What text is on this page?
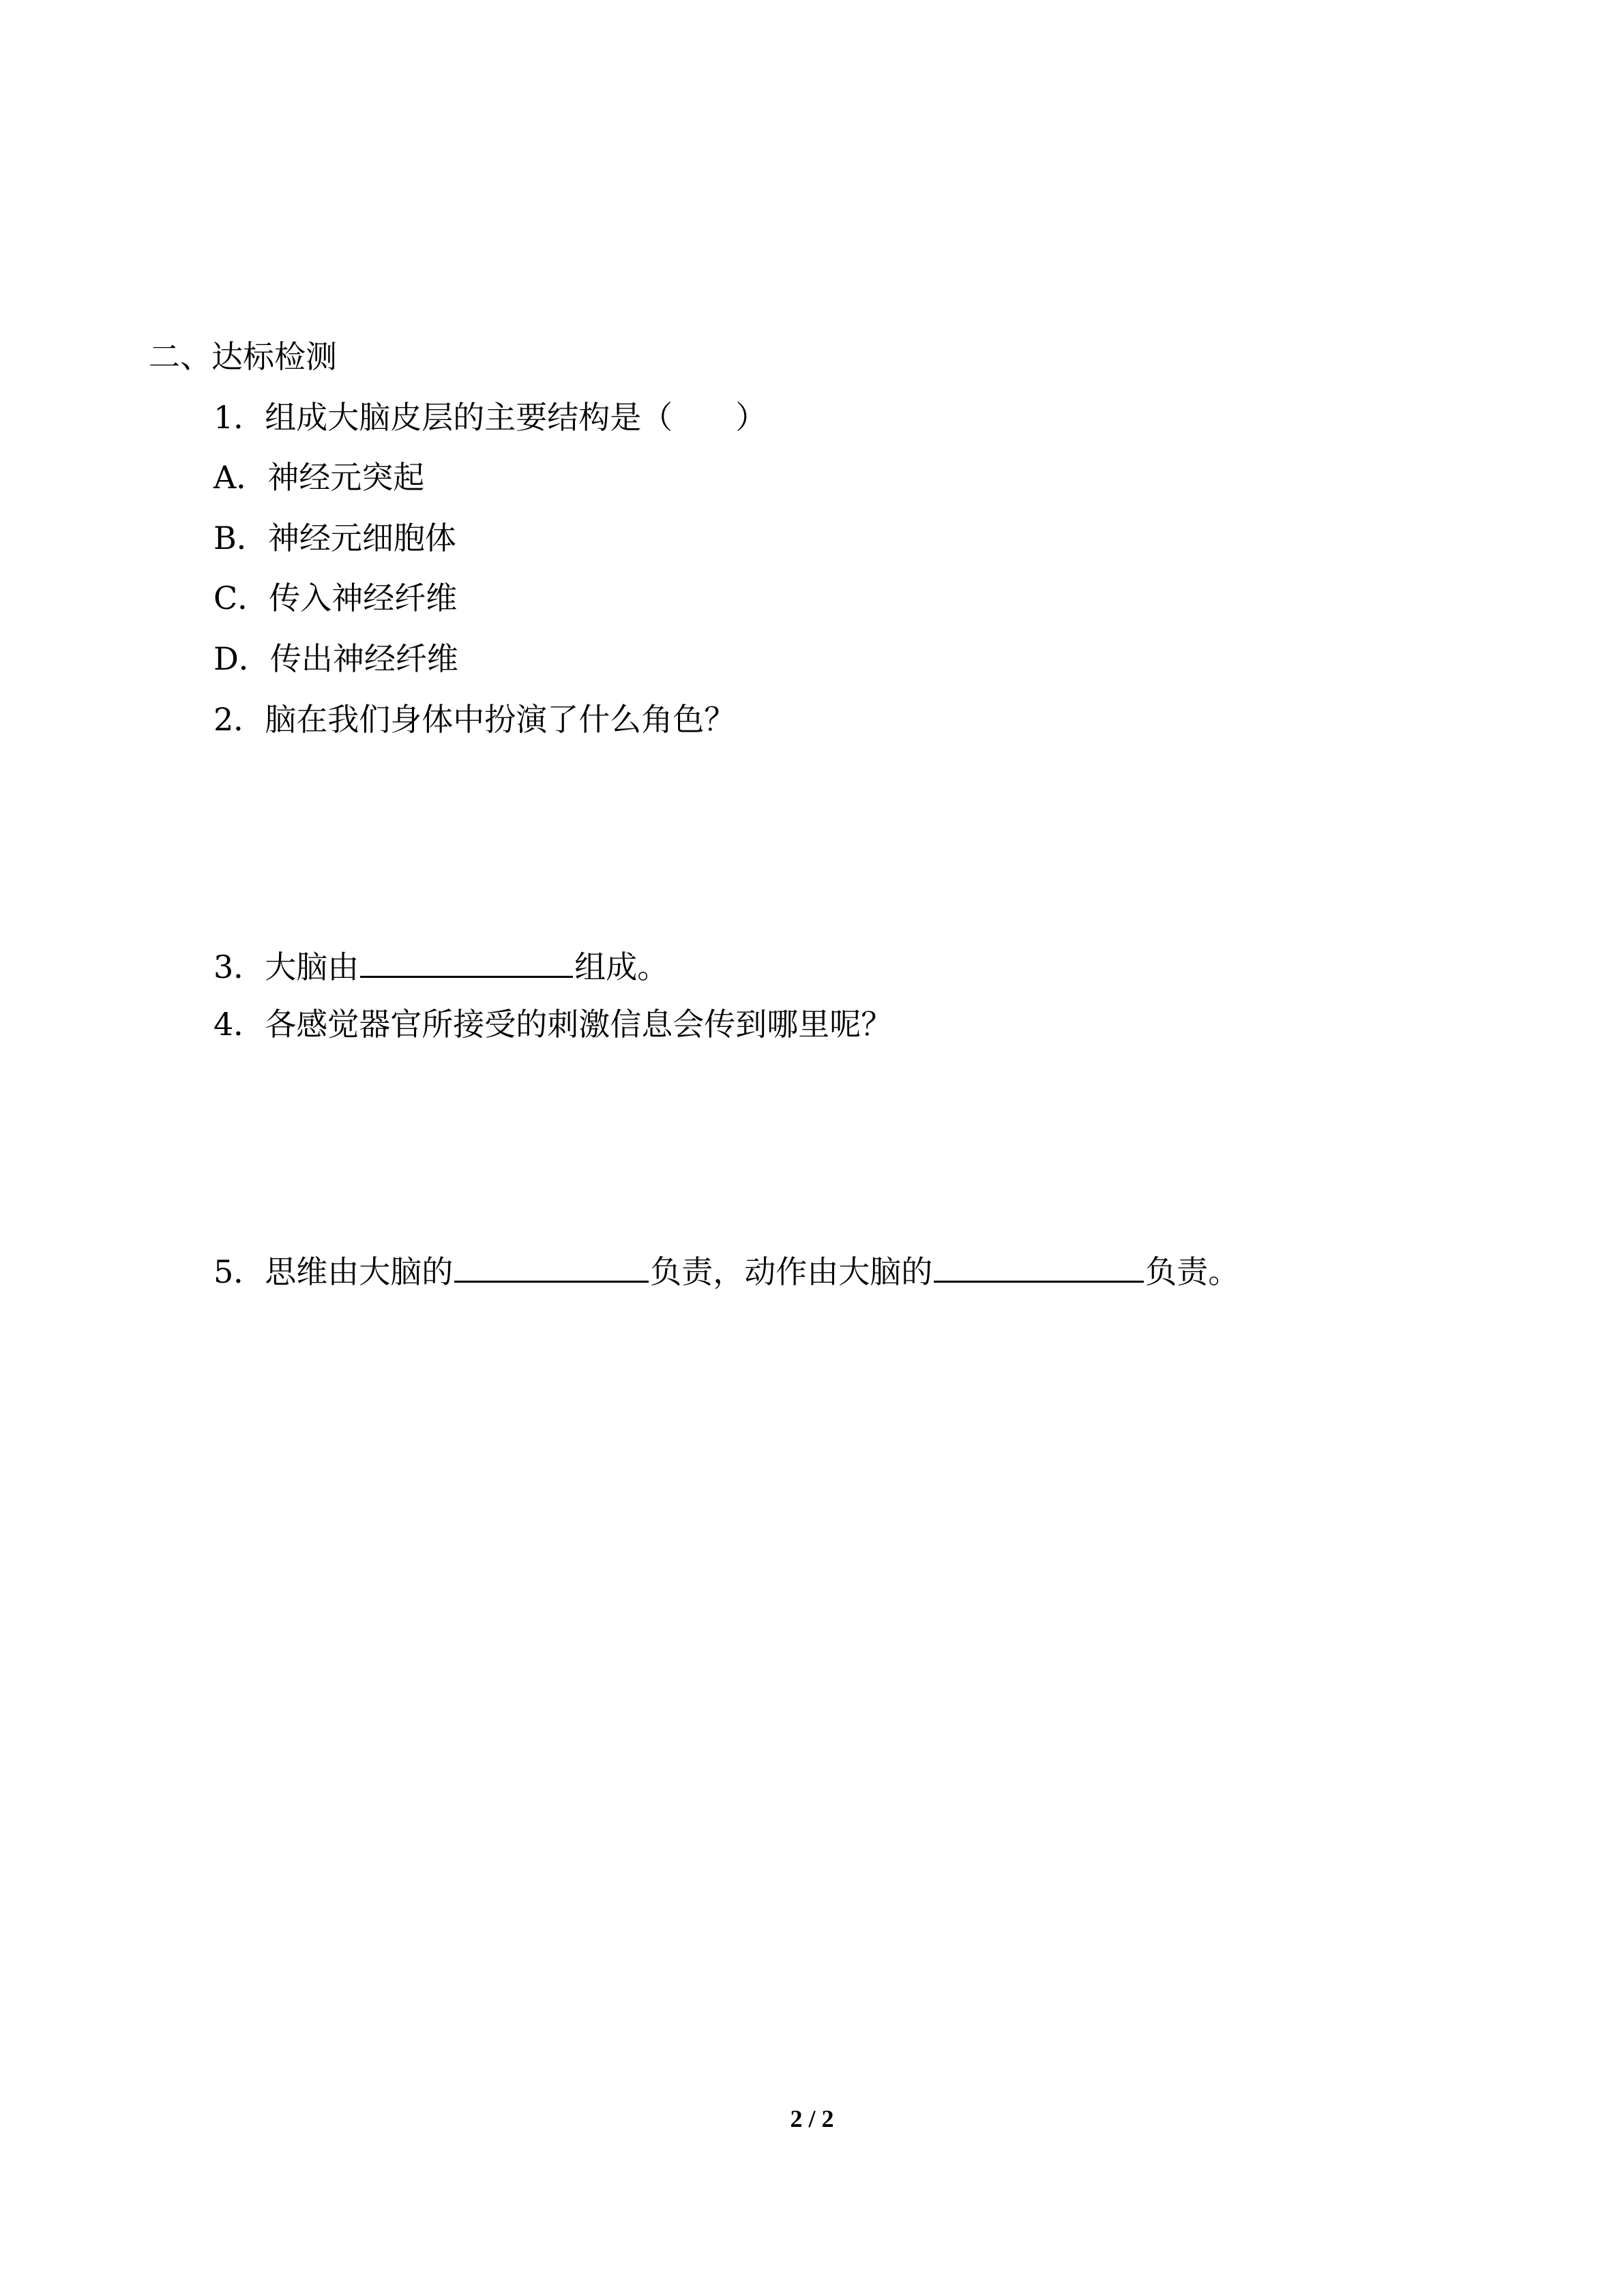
二、达标检测
1．组成大脑皮层的主要结构是（　　）
A．神经元突起
B．神经元细胞体
C．传入神经纤维
D．传出神经纤维
2．脑在我们身体中扮演了什么角色？
3．大脑由	组成。
4．各感觉器官所接受的刺激信息会传到哪里呢？
5．思维由大脑的	负责，动作由大脑的	负责。
2 / 2
